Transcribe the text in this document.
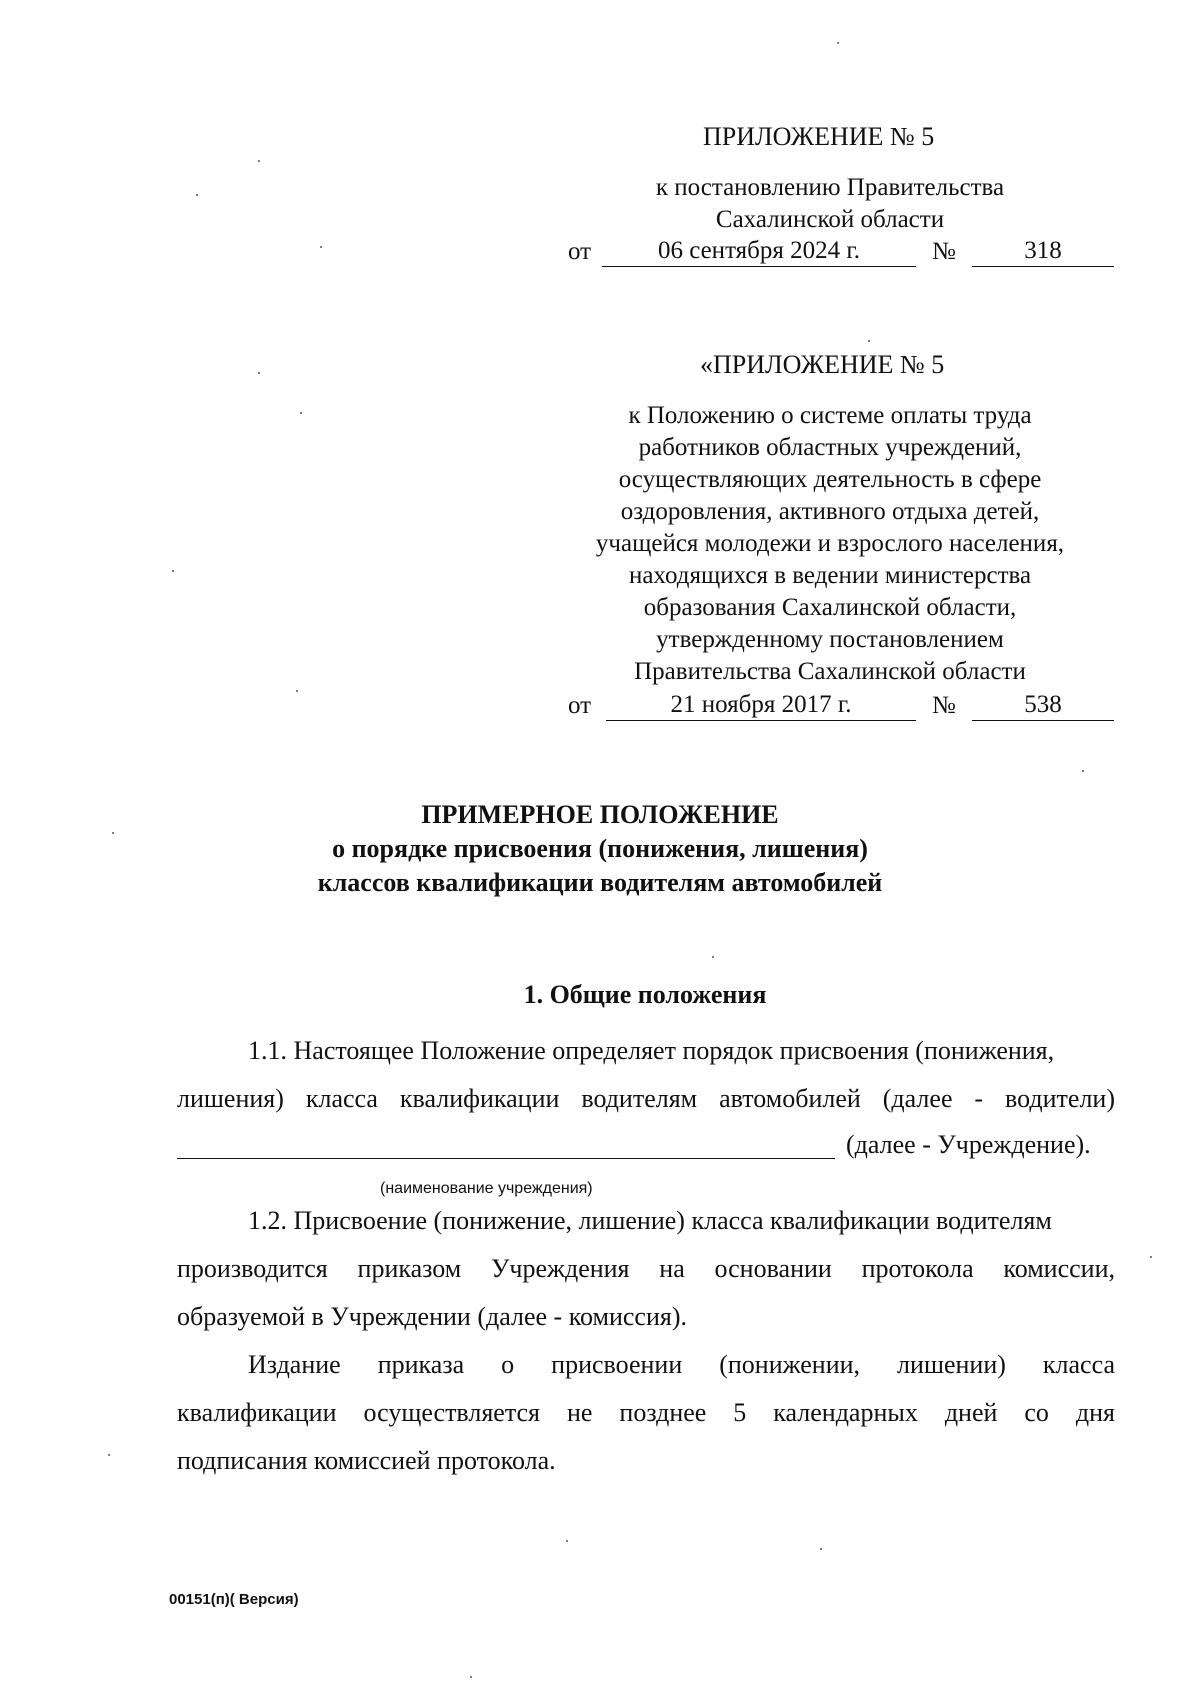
ПРИЛОЖЕНИЕ № 5
к постановлению Правительства
Сахалинской области
от	06 сентября 2024 г.	№	318
«ПРИЛОЖЕНИЕ № 5
к Положению о системе оплаты труда
работников областных учреждений,
осуществляющих деятельность в сфере
оздоровления, активного отдыха детей,
учащейся молодежи и взрослого населения,
находящихся в ведении министерства
образования Сахалинской области,
утвержденному постановлением
Правительства Сахалинской области
от	21 ноября 2017 г.	№	538
ПРИМЕРНОЕ ПОЛОЖЕНИЕ
о порядке присвоения (понижения, лишения)
классов квалификации водителям автомобилей
1. Общие положения
1.1. Настоящее Положение определяет порядок присвоения (понижения,
лишения) класса квалификации водителям автомобилей (далее - водители)
(далее - Учреждение).
(наименование учреждения)
1.2. Присвоение (понижение, лишение) класса квалификации водителям
производится приказом Учреждения на основании протокола комиссии,
образуемой в Учреждении (далее - комиссия).
Издание приказа о присвоении (понижении, лишении) класса
квалификации осуществляется не позднее 5 календарных дней со дня
подписания комиссией протокола.
00151(п)( Версия)
